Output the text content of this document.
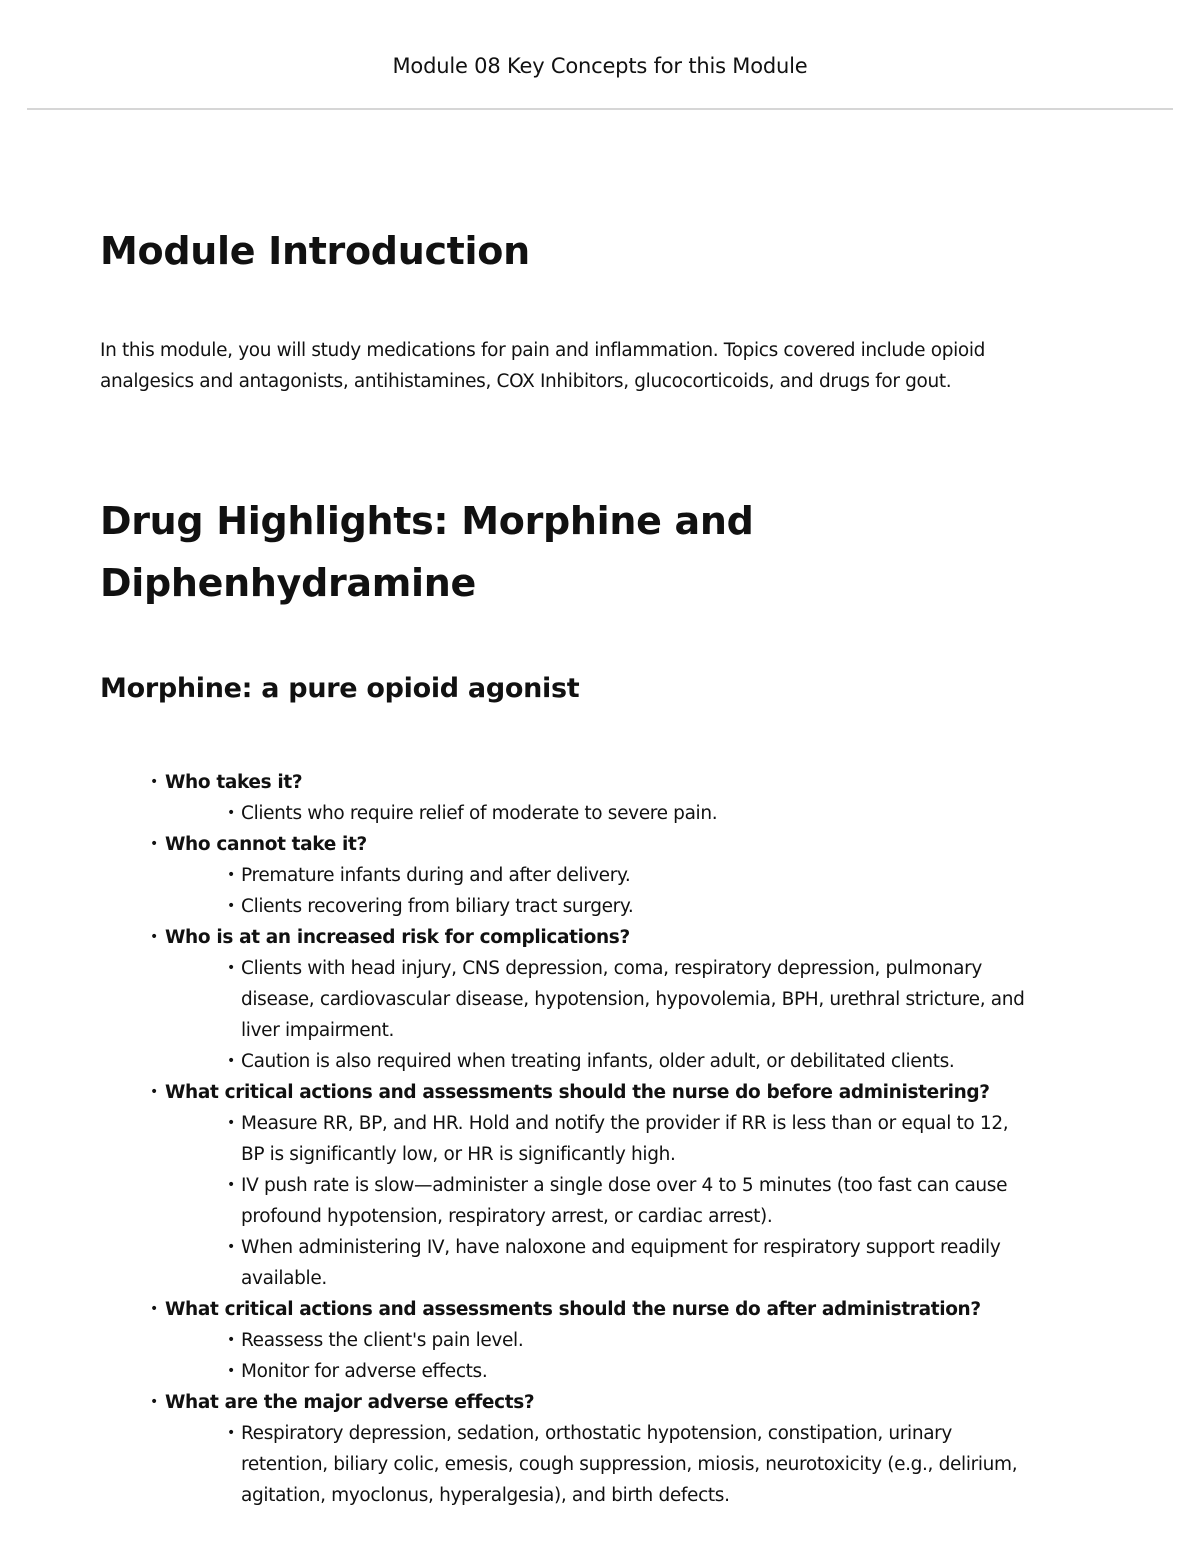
Module 08 Key Concepts for this Module
Module Introduction

In this module, you will study medications for pain and inflammation. Topics covered include opioid analgesics and antagonists, antihistamines, COX Inhibitors, glucocorticoids, and drugs for gout.

Drug Highlights: Morphine and Diphenhydramine
Morphine: a pure opioid agonist
• Who takes it?
• Clients who require relief of moderate to severe pain.
• Who cannot take it?
• Premature infants during and after delivery.
• Clients recovering from biliary tract surgery.
• Who is at an increased risk for complications?
• Clients with head injury, CNS depression, coma, respiratory depression, pulmonary disease, cardiovascular disease, hypotension, hypovolemia, BPH, urethral stricture, and liver impairment.
• Caution is also required when treating infants, older adult, or debilitated clients.
• What critical actions and assessments should the nurse do before administering?
• Measure RR, BP, and HR. Hold and notify the provider if RR is less than or equal to 12, BP is significantly low, or HR is significantly high.
• IV push rate is slow—administer a single dose over 4 to 5 minutes (too fast can cause profound hypotension, respiratory arrest, or cardiac arrest).
• When administering IV, have naloxone and equipment for respiratory support readily available.
• What critical actions and assessments should the nurse do after administration?
• Reassess the client's pain level.
• Monitor for adverse effects.
• What are the major adverse effects?
• Respiratory depression, sedation, orthostatic hypotension, constipation, urinary retention, biliary colic, emesis, cough suppression, miosis, neurotoxicity (e.g., delirium, agitation, myoclonus, hyperalgesia), and birth defects.
